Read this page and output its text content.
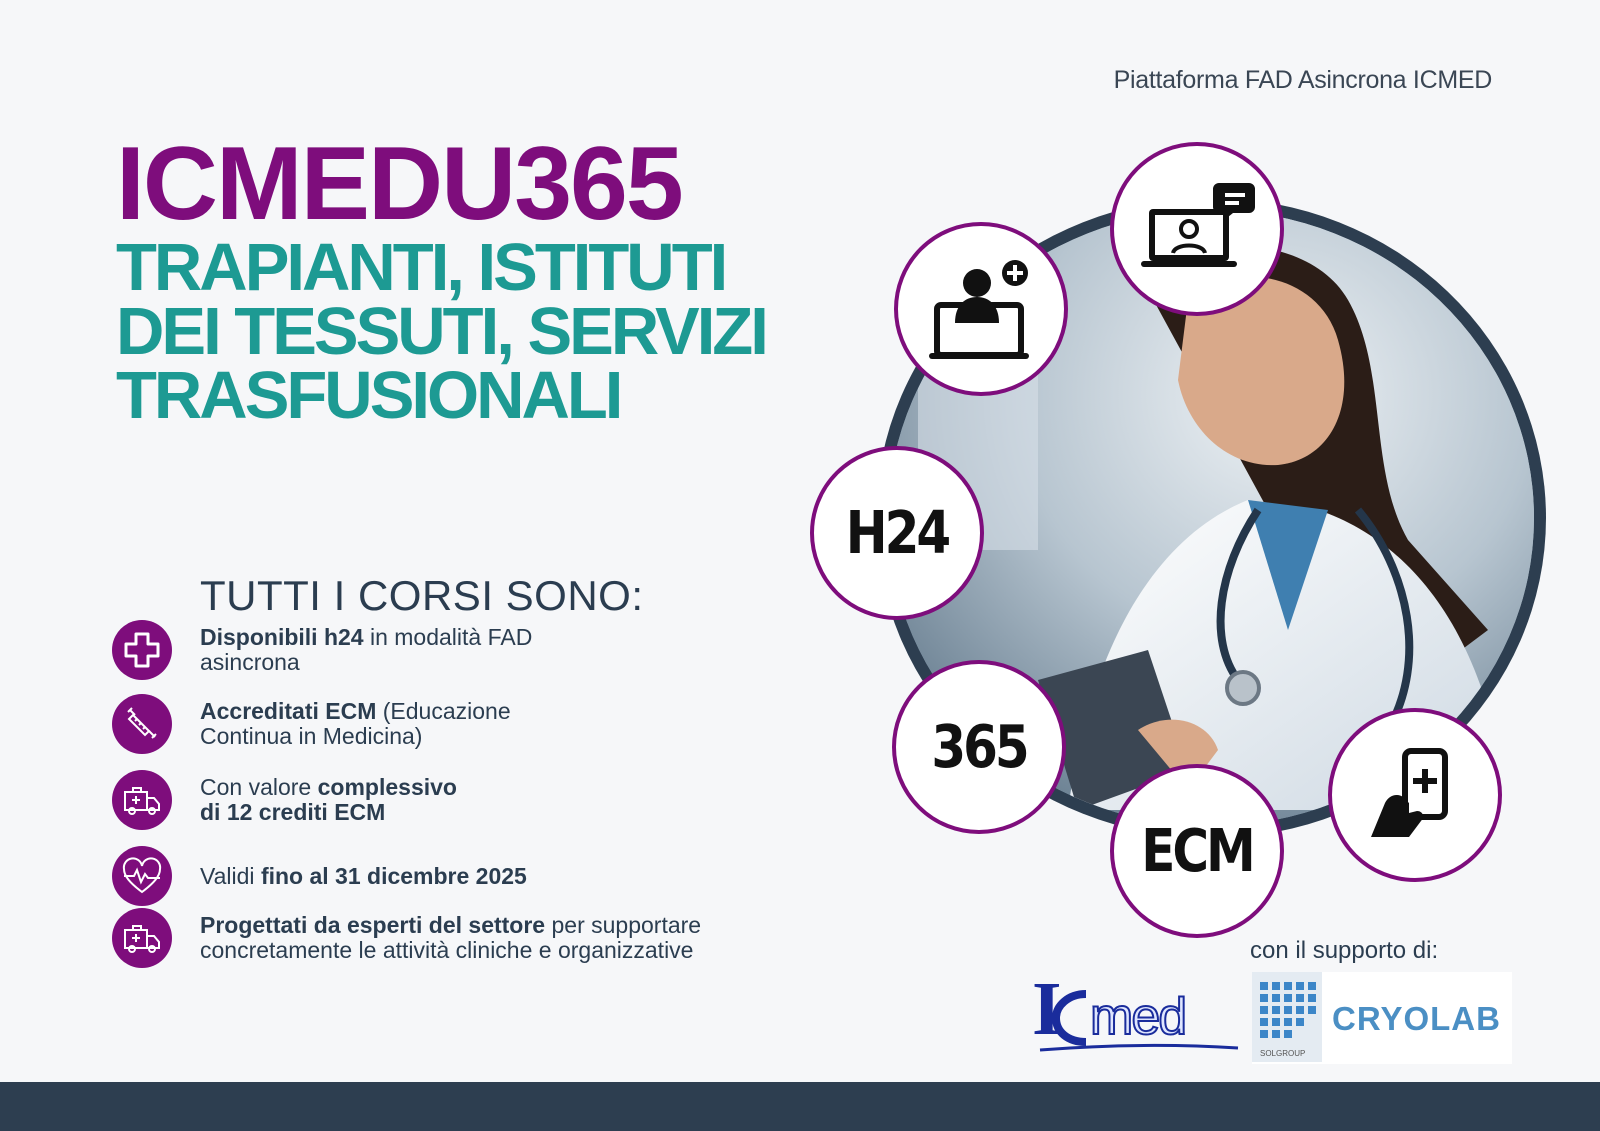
Piattaforma FAD Asincrona ICMED
ICMEDU365
TRAPIANTI, ISTITUTI
DEI TESSUTI, SERVIZI
TRASFUSIONALI
TUTTI I CORSI SONO:
Disponibili h24 in modalità FAD
asincrona
Accreditati ECM (Educazione
Continua in Medicina)
Con valore complessivo
di 12 crediti ECM
Validi fino al 31 dicembre 2025
Progettati da esperti del settore per supportare
concretamente le attività cliniche e organizzative
H24
365
ECM
con il supporto di:
I med
SOLGROUP
CRYOLAB
